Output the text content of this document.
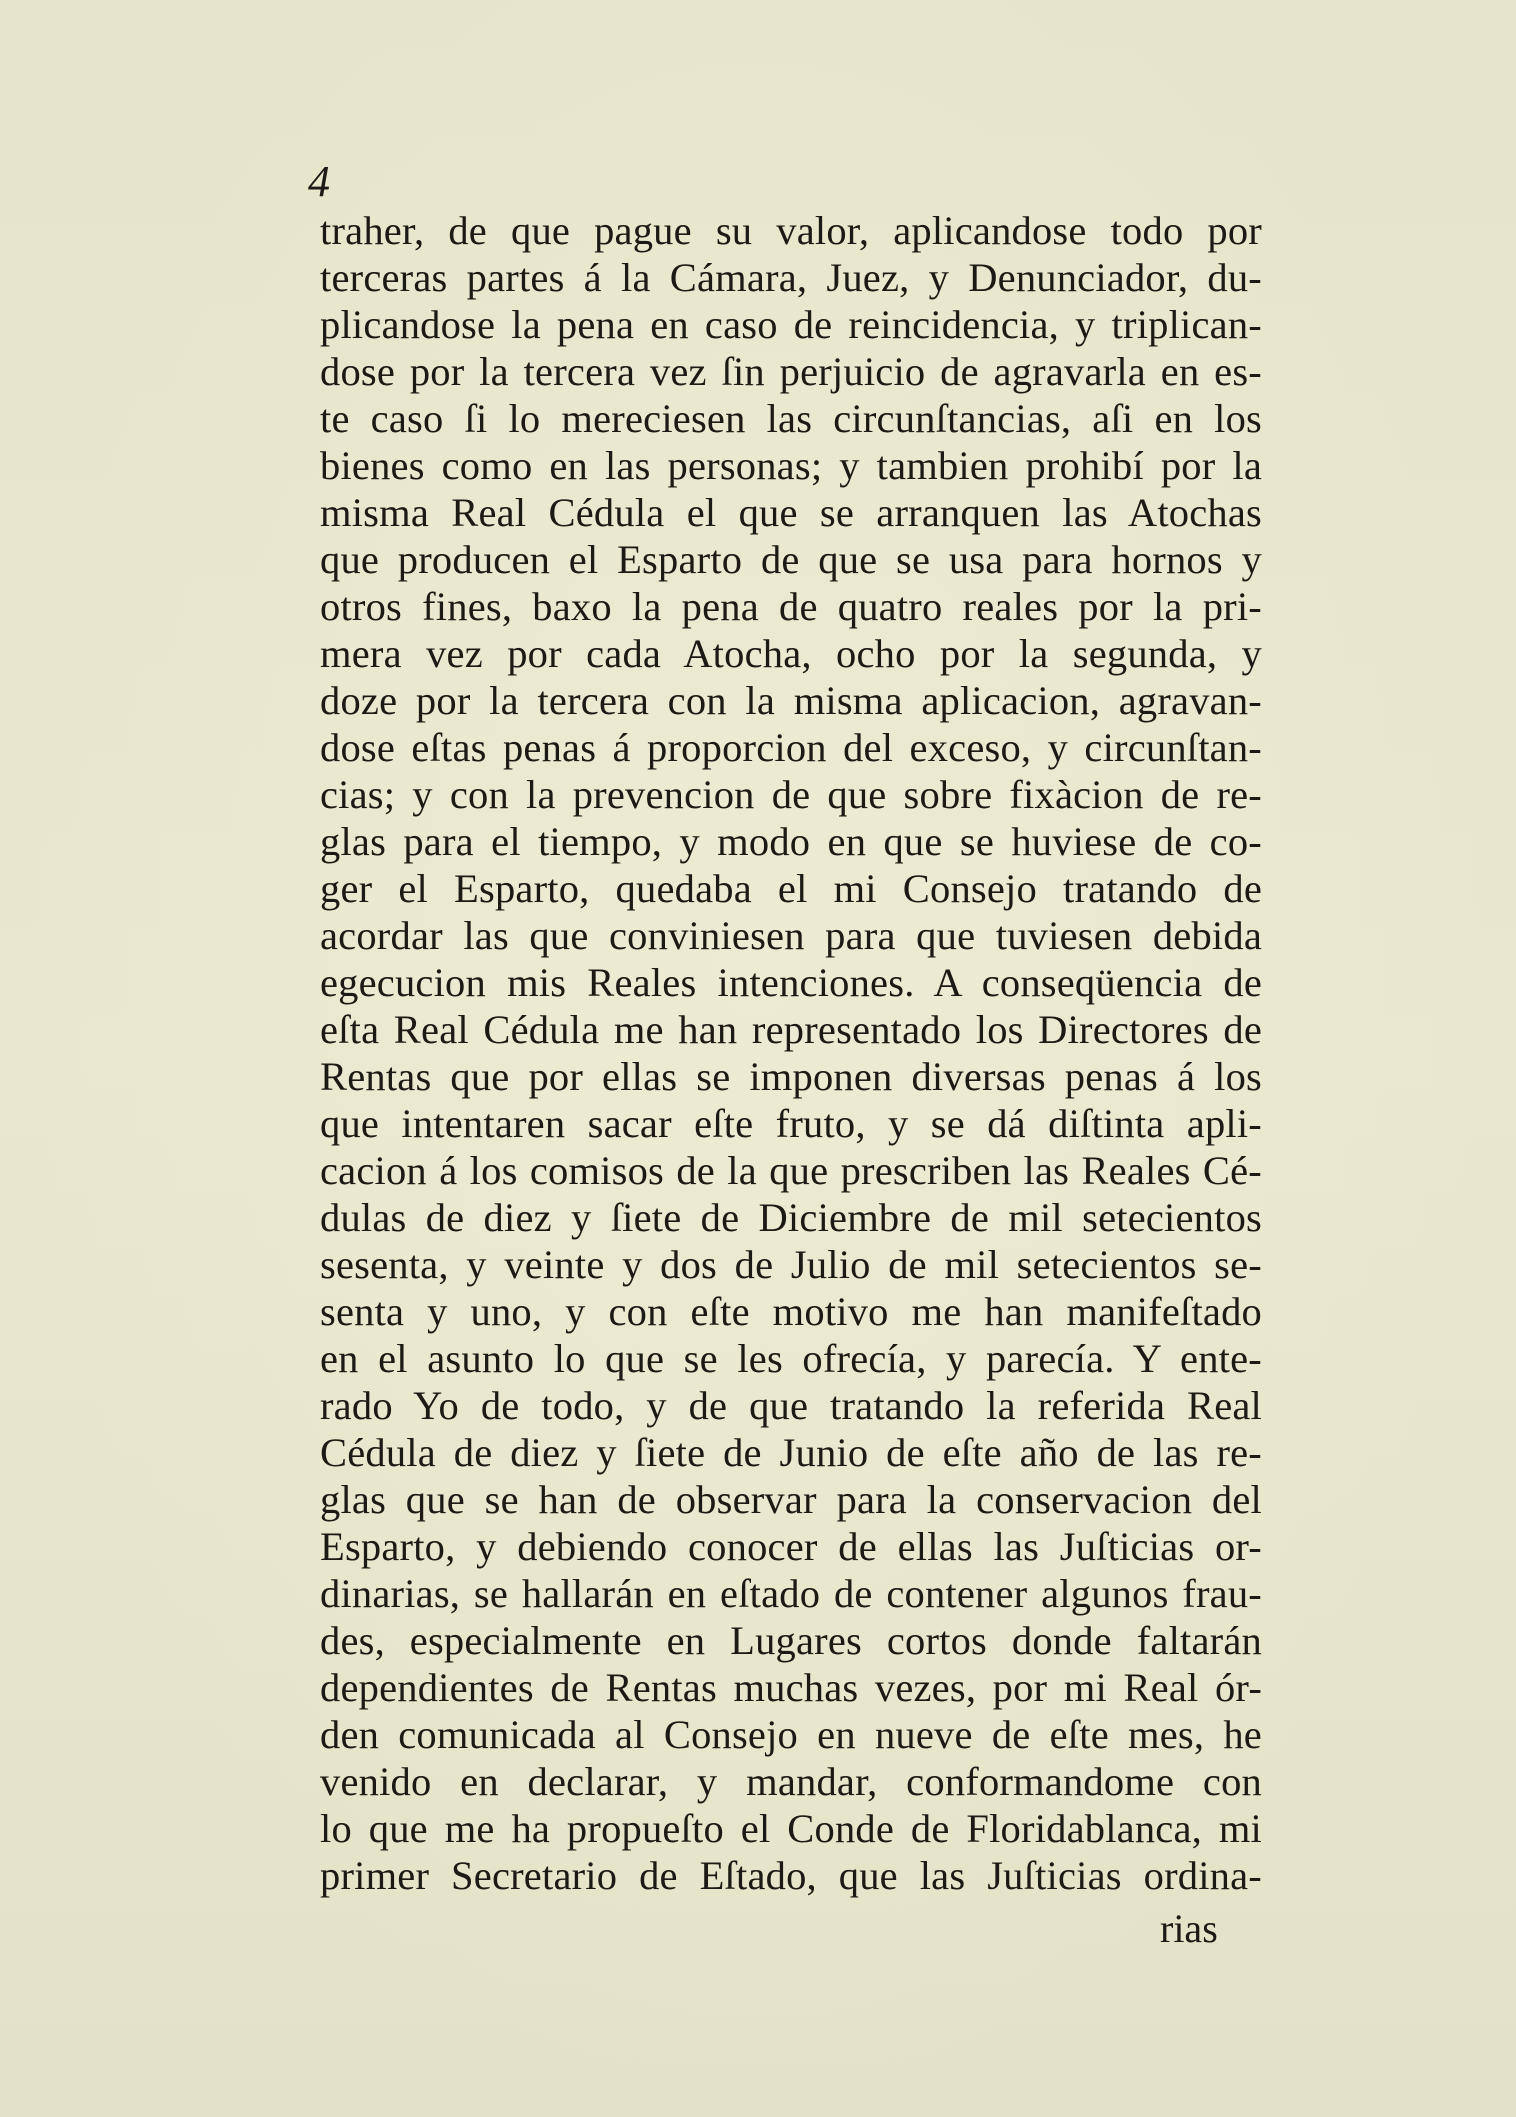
4
traher, de que pague su valor, aplicandose todo por
terceras partes á la Cámara, Juez, y Denunciador, du-
plicandose la pena en caso de reincidencia, y triplican-
dose por la tercera vez ſin perjuicio de agravarla en es-
te caso ſi lo mereciesen las circunſtancias, aſi en los
bienes como en las personas; y tambien prohibí por la
misma Real Cédula el que se arranquen las Atochas
que producen el Esparto de que se usa para hornos y
otros fines, baxo la pena de quatro reales por la pri-
mera vez por cada Atocha, ocho por la segunda, y
doze por la tercera con la misma aplicacion, agravan-
dose eſtas penas á proporcion del exceso, y circunſtan-
cias; y con la prevencion de que sobre fixàcion de re-
glas para el tiempo, y modo en que se huviese de co-
ger el Esparto, quedaba el mi Consejo tratando de
acordar las que conviniesen para que tuviesen debida
egecucion mis Reales intenciones. A conseqüencia de
eſta Real Cédula me han representado los Directores de
Rentas que por ellas se imponen diversas penas á los
que intentaren sacar eſte fruto, y se dá diſtinta apli-
cacion á los comisos de la que prescriben las Reales Cé-
dulas de diez y ſiete de Diciembre de mil setecientos
sesenta, y veinte y dos de Julio de mil setecientos se-
senta y uno, y con eſte motivo me han manifeſtado
en el asunto lo que se les ofrecía, y parecía. Y ente-
rado Yo de todo, y de que tratando la referida Real
Cédula de diez y ſiete de Junio de eſte año de las re-
glas que se han de observar para la conservacion del
Esparto, y debiendo conocer de ellas las Juſticias or-
dinarias, se hallarán en eſtado de contener algunos frau-
des, especialmente en Lugares cortos donde faltarán
dependientes de Rentas muchas vezes, por mi Real ór-
den comunicada al Consejo en nueve de eſte mes, he
venido en declarar, y mandar, conformandome con
lo que me ha propueſto el Conde de Floridablanca, mi
primer Secretario de Eſtado, que las Juſticias ordina-
rias
